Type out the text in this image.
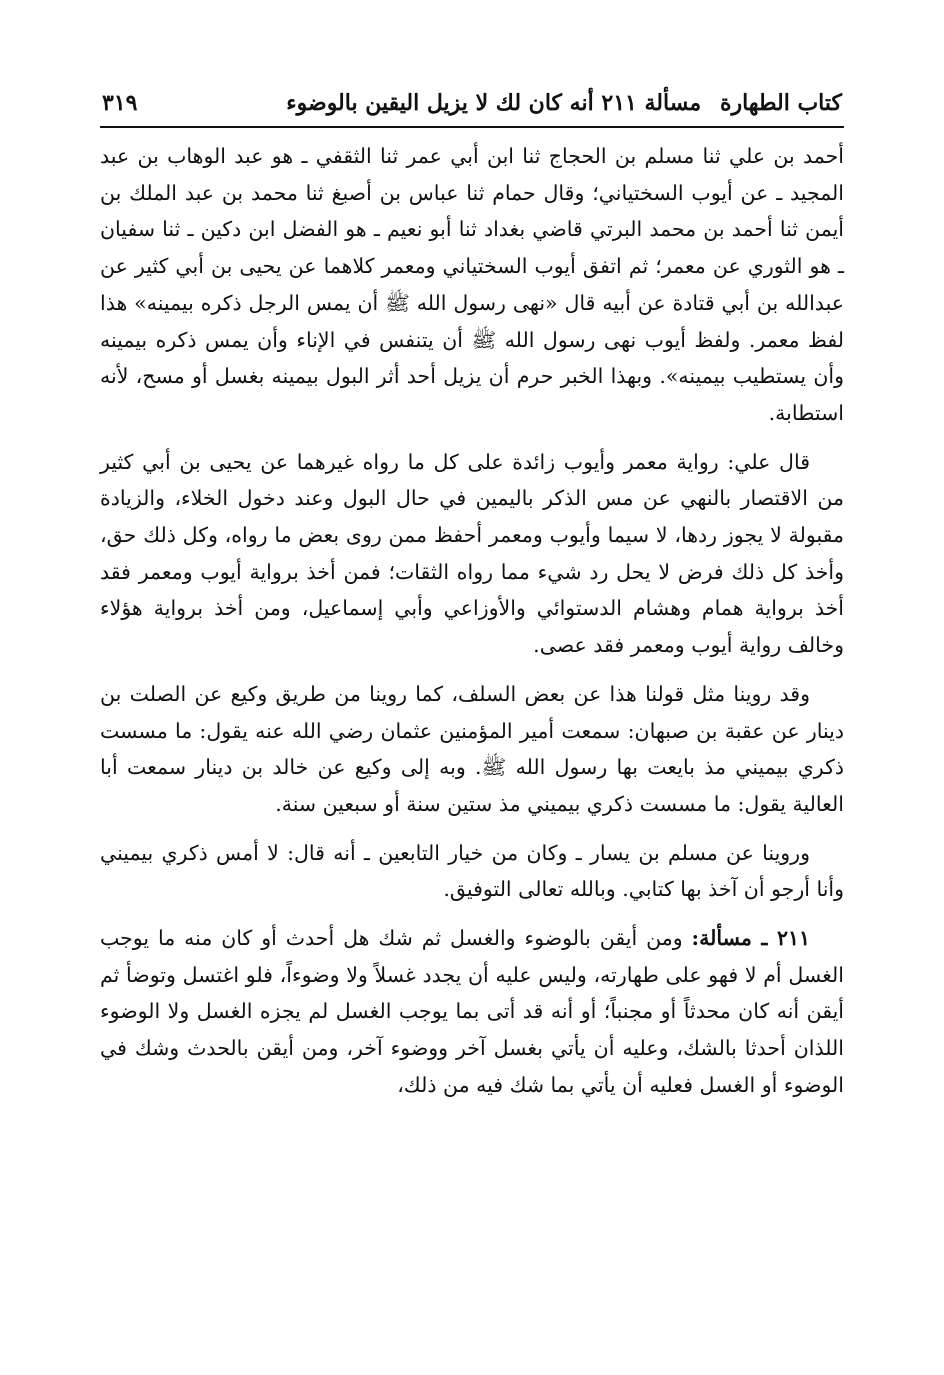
كتاب الطهارة
مسألة ٢١١ أنه كان لك لا يزيل اليقين بالوضوء
٣١٩

أحمد بن علي ثنا مسلم بن الحجاج ثنا ابن أبي عمر ثنا الثقفي ـ هو عبد الوهاب بن عبد المجيد ـ عن أيوب السختياني؛ وقال حمام ثنا عباس بن أصبغ ثنا محمد بن عبد الملك بن أيمن ثنا أحمد بن محمد البرتي قاضي بغداد ثنا أبو نعيم ـ هو الفضل ابن دكين ـ ثنا سفيان ـ هو الثوري عن معمر؛ ثم اتفق أيوب السختياني ومعمر كلاهما عن يحيى بن أبي كثير عن عبدالله بن أبي قتادة عن أبيه قال «نهى رسول الله ﷺ أن يمس الرجل ذكره بيمينه» هذا لفظ معمر. ولفظ أيوب نهى رسول الله ﷺ أن يتنفس في الإناء وأن يمس ذكره بيمينه وأن يستطيب بيمينه». وبهذا الخبر حرم أن يزيل أحد أثر البول بيمينه بغسل أو مسح، لأنه استطابة.

قال علي: رواية معمر وأيوب زائدة على كل ما رواه غيرهما عن يحيى بن أبي كثير من الاقتصار بالنهي عن مس الذكر باليمين في حال البول وعند دخول الخلاء، والزيادة مقبولة لا يجوز ردها، لا سيما وأيوب ومعمر أحفظ ممن روى بعض ما رواه، وكل ذلك حق، وأخذ كل ذلك فرض لا يحل رد شيء مما رواه الثقات؛ فمن أخذ برواية أيوب ومعمر فقد أخذ برواية همام وهشام الدستوائي والأوزاعي وأبي إسماعيل، ومن أخذ برواية هؤلاء وخالف رواية أيوب ومعمر فقد عصى.

وقد روينا مثل قولنا هذا عن بعض السلف، كما روينا من طريق وكيع عن الصلت بن دينار عن عقبة بن صبهان: سمعت أمير المؤمنين عثمان رضي الله عنه يقول: ما مسست ذكري بيميني مذ بايعت بها رسول الله ﷺ. وبه إلى وكيع عن خالد بن دينار سمعت أبا العالية يقول: ما مسست ذكري بيميني مذ ستين سنة أو سبعين سنة.

وروينا عن مسلم بن يسار ـ وكان من خيار التابعين ـ أنه قال: لا أمس ذكري بيميني وأنا أرجو أن آخذ بها كتابي. وبالله تعالى التوفيق.

٢١١ ـ مسألة: ومن أيقن بالوضوء والغسل ثم شك هل أحدث أو كان منه ما يوجب الغسل أم لا فهو على طهارته، وليس عليه أن يجدد غسلاً ولا وضوءاً، فلو اغتسل وتوضأ ثم أيقن أنه كان محدثاً أو مجنباً؛ أو أنه قد أتى بما يوجب الغسل لم يجزه الغسل ولا الوضوء اللذان أحدثا بالشك، وعليه أن يأتي بغسل آخر ووضوء آخر، ومن أيقن بالحدث وشك في الوضوء أو الغسل فعليه أن يأتي بما شك فيه من ذلك،
